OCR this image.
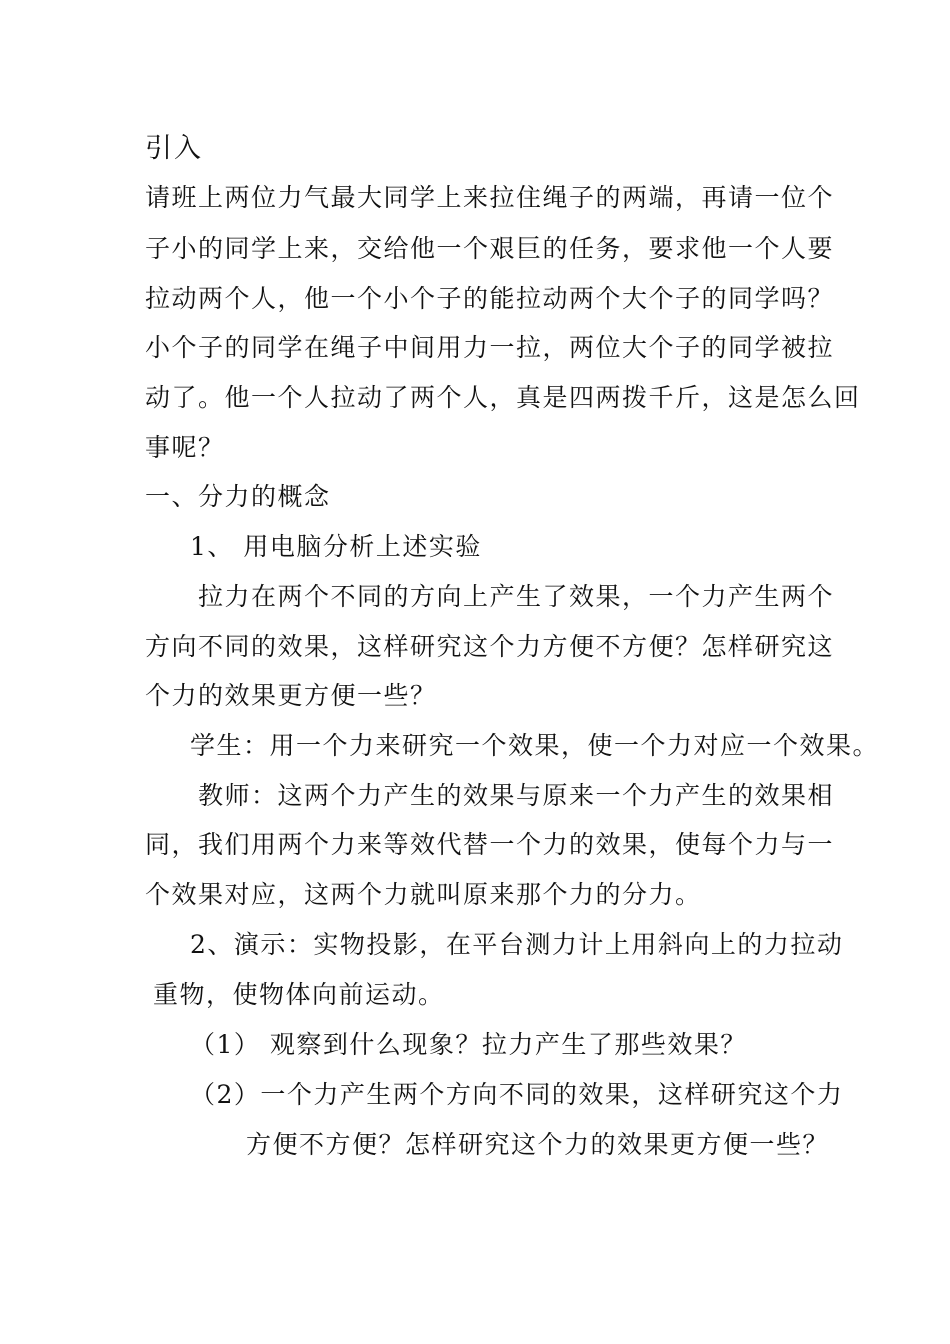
引入
请班上两位力气最大同学上来拉住绳子的两端，再请一位个
子小的同学上来，交给他一个艰巨的任务，要求他一个人要
拉动两个人，他一个小个子的能拉动两个大个子的同学吗？
小个子的同学在绳子中间用力一拉，两位大个子的同学被拉
动了。他一个人拉动了两个人，真是四两拨千斤，这是怎么回
事呢？
一、分力的概念
1、 用电脑分析上述实验
拉力在两个不同的方向上产生了效果，一个力产生两个
方向不同的效果，这样研究这个力方便不方便？怎样研究这
个力的效果更方便一些？
学生：用一个力来研究一个效果，使一个力对应一个效果。
教师：这两个力产生的效果与原来一个力产生的效果相
同，我们用两个力来等效代替一个力的效果，使每个力与一
个效果对应，这两个力就叫原来那个力的分力。
2、演示：实物投影，在平台测力计上用斜向上的力拉动
重物，使物体向前运动。
（1） 观察到什么现象？拉力产生了那些效果？
（2）一个力产生两个方向不同的效果，这样研究这个力
方便不方便？怎样研究这个力的效果更方便一些？
